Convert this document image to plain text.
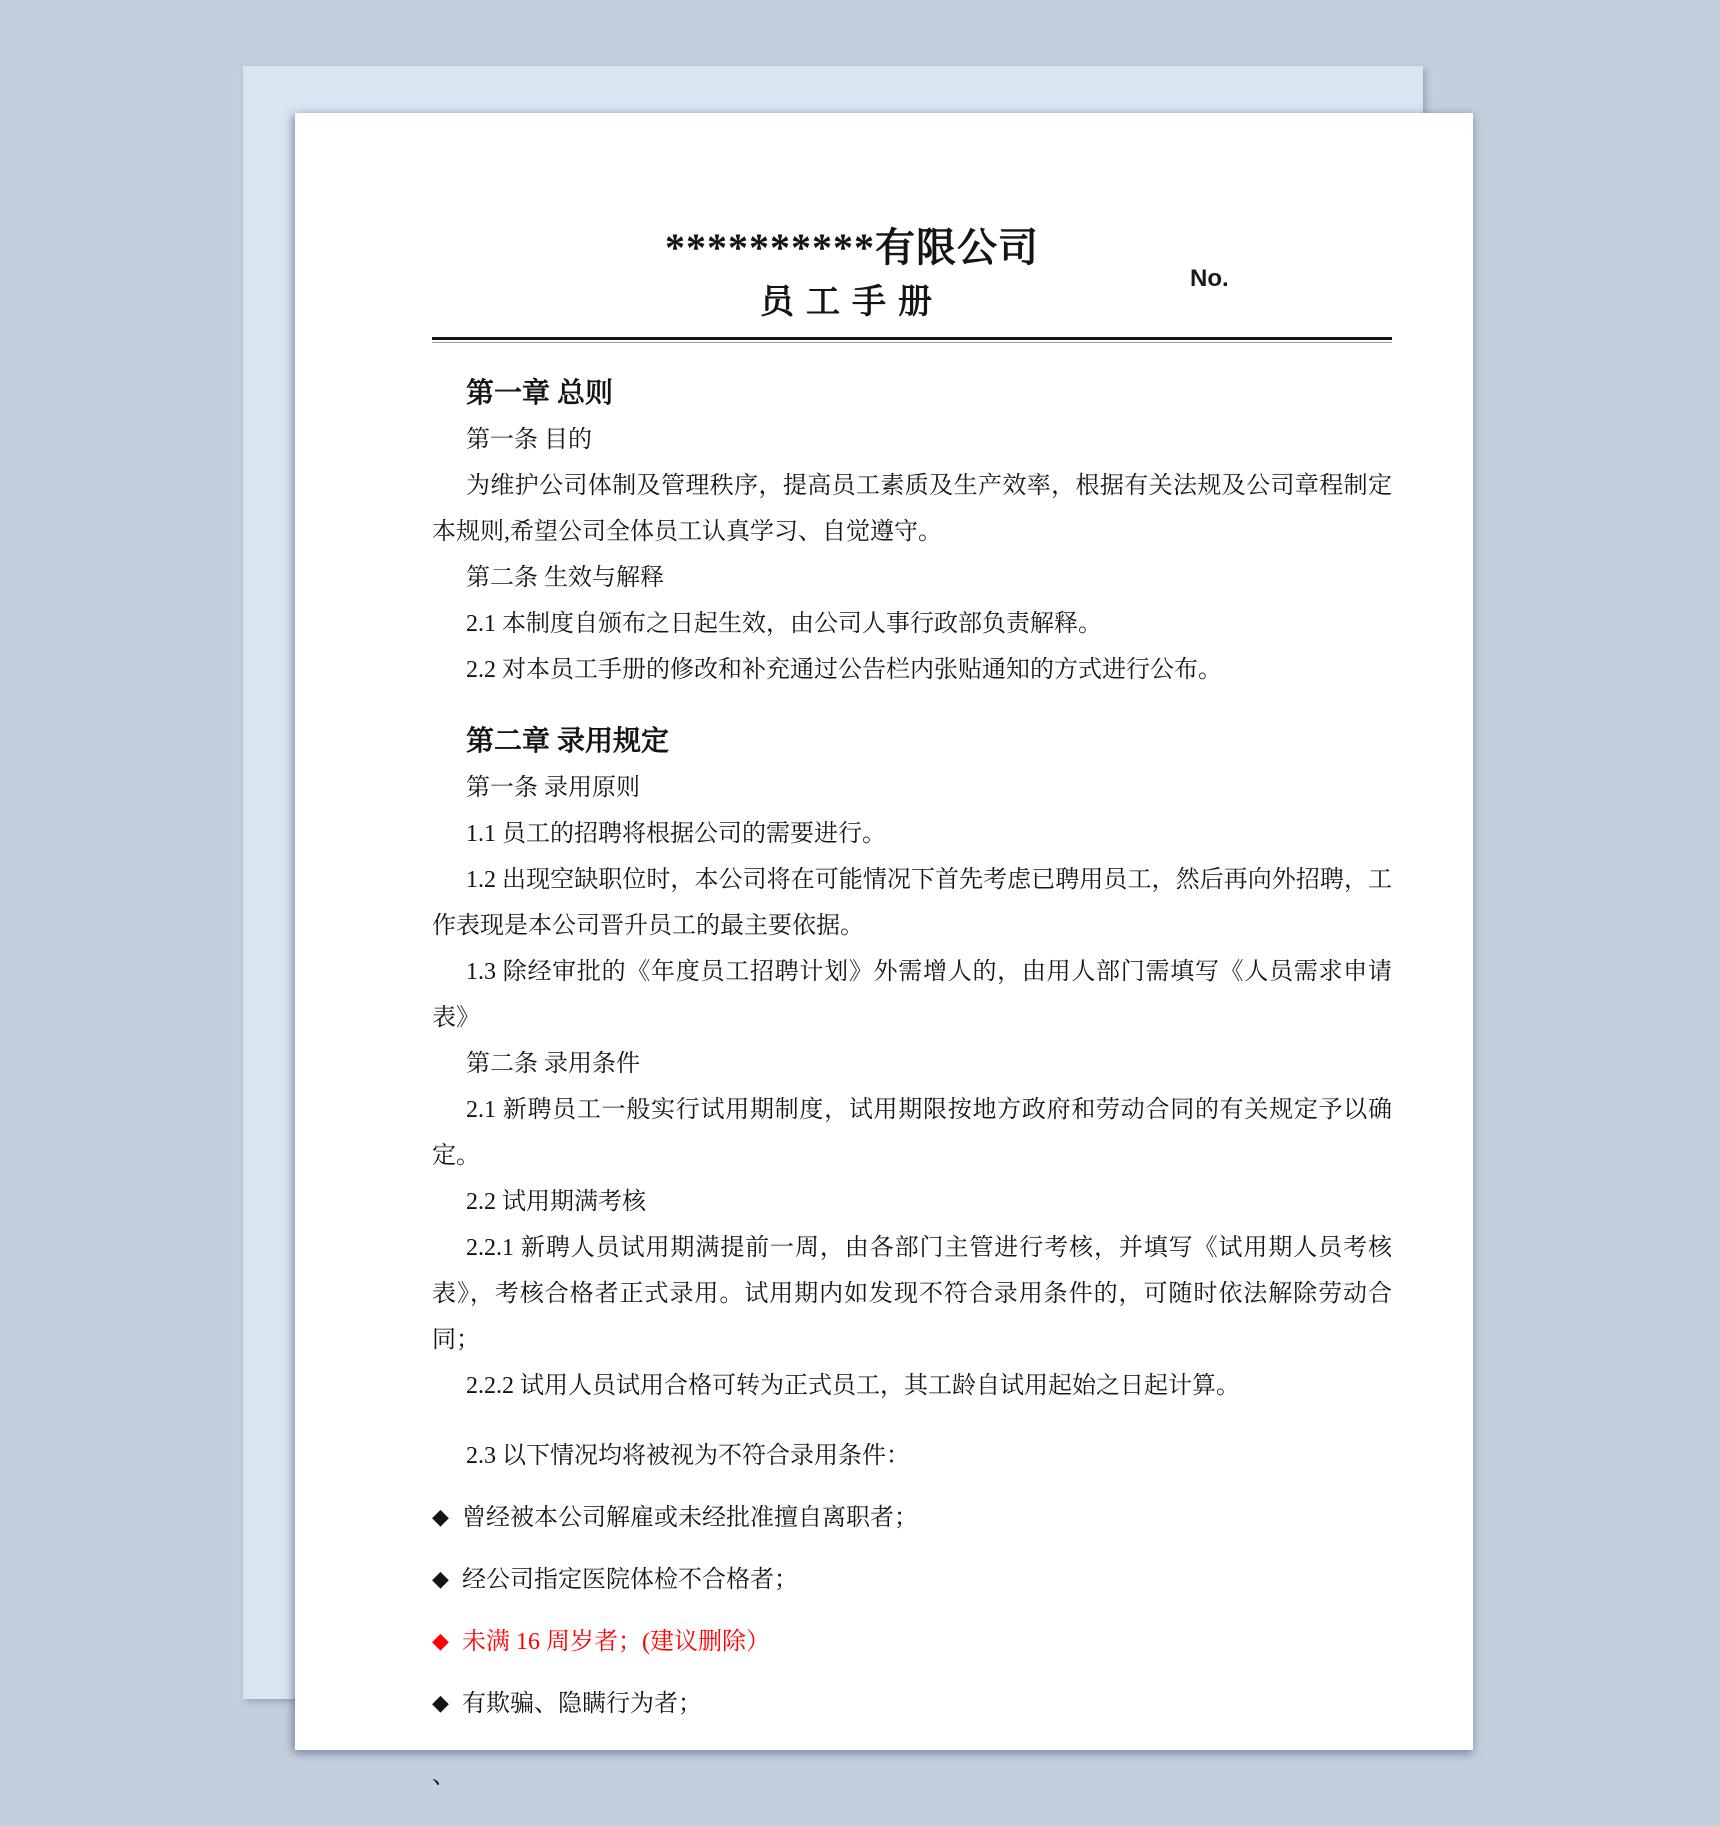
No.
**********有限公司
员工手册
第一章 总则

第一条 目的

为维护公司体制及管理秩序，提高员工素质及生产效率，根据有关法规及公司章程制定本规则,希望公司全体员工认真学习、自觉遵守。

第二条 生效与解释

2.1 本制度自颁布之日起生效，由公司人事行政部负责解释。

2.2 对本员工手册的修改和补充通过公告栏内张贴通知的方式进行公布。

第二章 录用规定

第一条 录用原则

1.1 员工的招聘将根据公司的需要进行。

1.2 出现空缺职位时，本公司将在可能情况下首先考虑已聘用员工，然后再向外招聘，工作表现是本公司晋升员工的最主要依据。

1.3 除经审批的《年度员工招聘计划》外需增人的，由用人部门需填写《人员需求申请表》

第二条 录用条件

2.1 新聘员工一般实行试用期制度，试用期限按地方政府和劳动合同的有关规定予以确定。

2.2 试用期满考核

2.2.1 新聘人员试用期满提前一周，由各部门主管进行考核，并填写《试用期人员考核表》，考核合格者正式录用。试用期内如发现不符合录用条件的，可随时依法解除劳动合同；

2.2.2 试用人员试用合格可转为正式员工，其工龄自试用起始之日起计算。

2.3 以下情况均将被视为不符合录用条件：

◆ 曾经被本公司解雇或未经批准擅自离职者；
◆ 经公司指定医院体检不合格者；
◆ 未满 16 周岁者；(建议删除）
◆ 有欺骗、隐瞒行为者；
、
